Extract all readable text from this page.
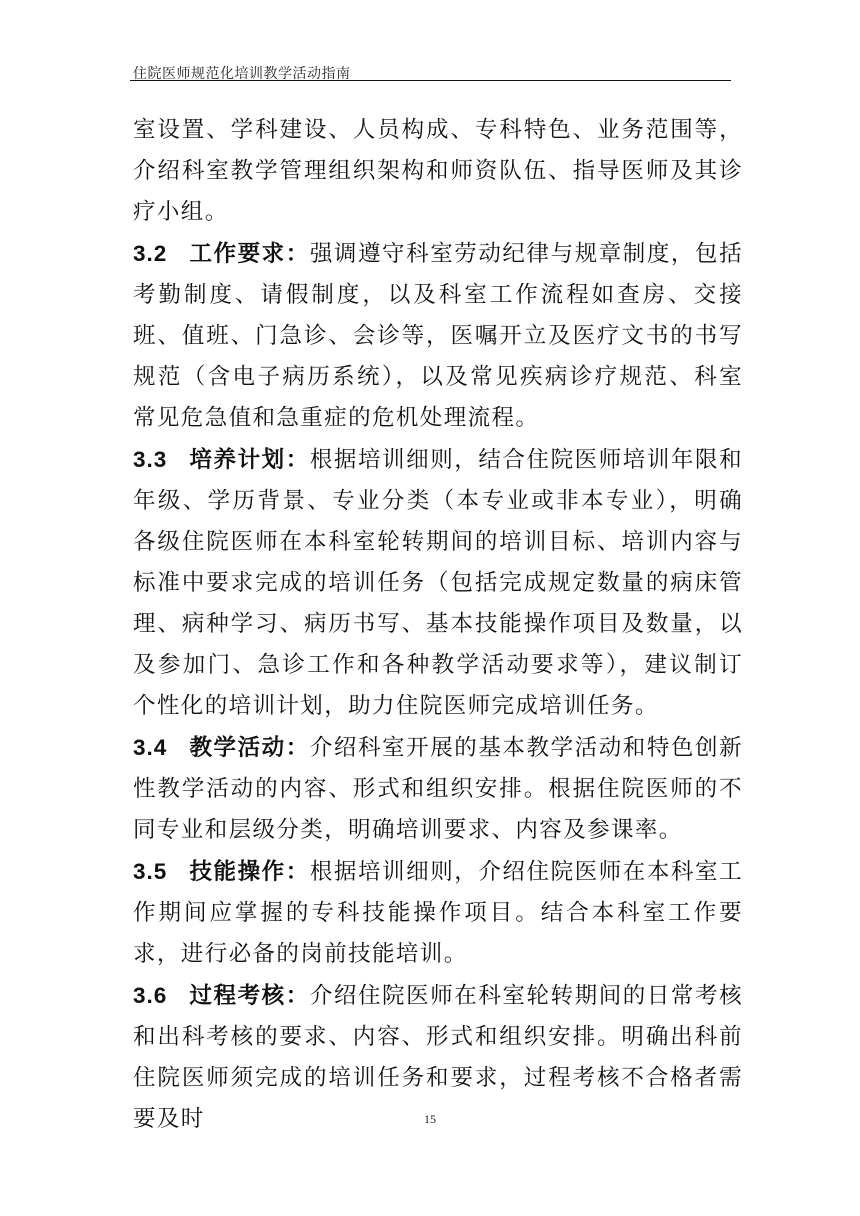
住院医师规范化培训教学活动指南

室设置、学科建设、人员构成、专科特色、业务范围等，介绍科室教学管理组织架构和师资队伍、指导医师及其诊疗小组。

3.2 工作要求：强调遵守科室劳动纪律与规章制度，包括考勤制度、请假制度，以及科室工作流程如查房、交接班、值班、门急诊、会诊等，医嘱开立及医疗文书的书写规范（含电子病历系统），以及常见疾病诊疗规范、科室常见危急值和急重症的危机处理流程。

3.3 培养计划：根据培训细则，结合住院医师培训年限和年级、学历背景、专业分类（本专业或非本专业），明确各级住院医师在本科室轮转期间的培训目标、培训内容与标准中要求完成的培训任务（包括完成规定数量的病床管理、病种学习、病历书写、基本技能操作项目及数量，以及参加门、急诊工作和各种教学活动要求等），建议制订个性化的培训计划，助力住院医师完成培训任务。

3.4 教学活动：介绍科室开展的基本教学活动和特色创新性教学活动的内容、形式和组织安排。根据住院医师的不同专业和层级分类，明确培训要求、内容及参课率。

3.5 技能操作：根据培训细则，介绍住院医师在本科室工作期间应掌握的专科技能操作项目。结合本科室工作要求，进行必备的岗前技能培训。

3.6 过程考核：介绍住院医师在科室轮转期间的日常考核和出科考核的要求、内容、形式和组织安排。明确出科前住院医师须完成的培训任务和要求，过程考核不合格者需要及时	15
